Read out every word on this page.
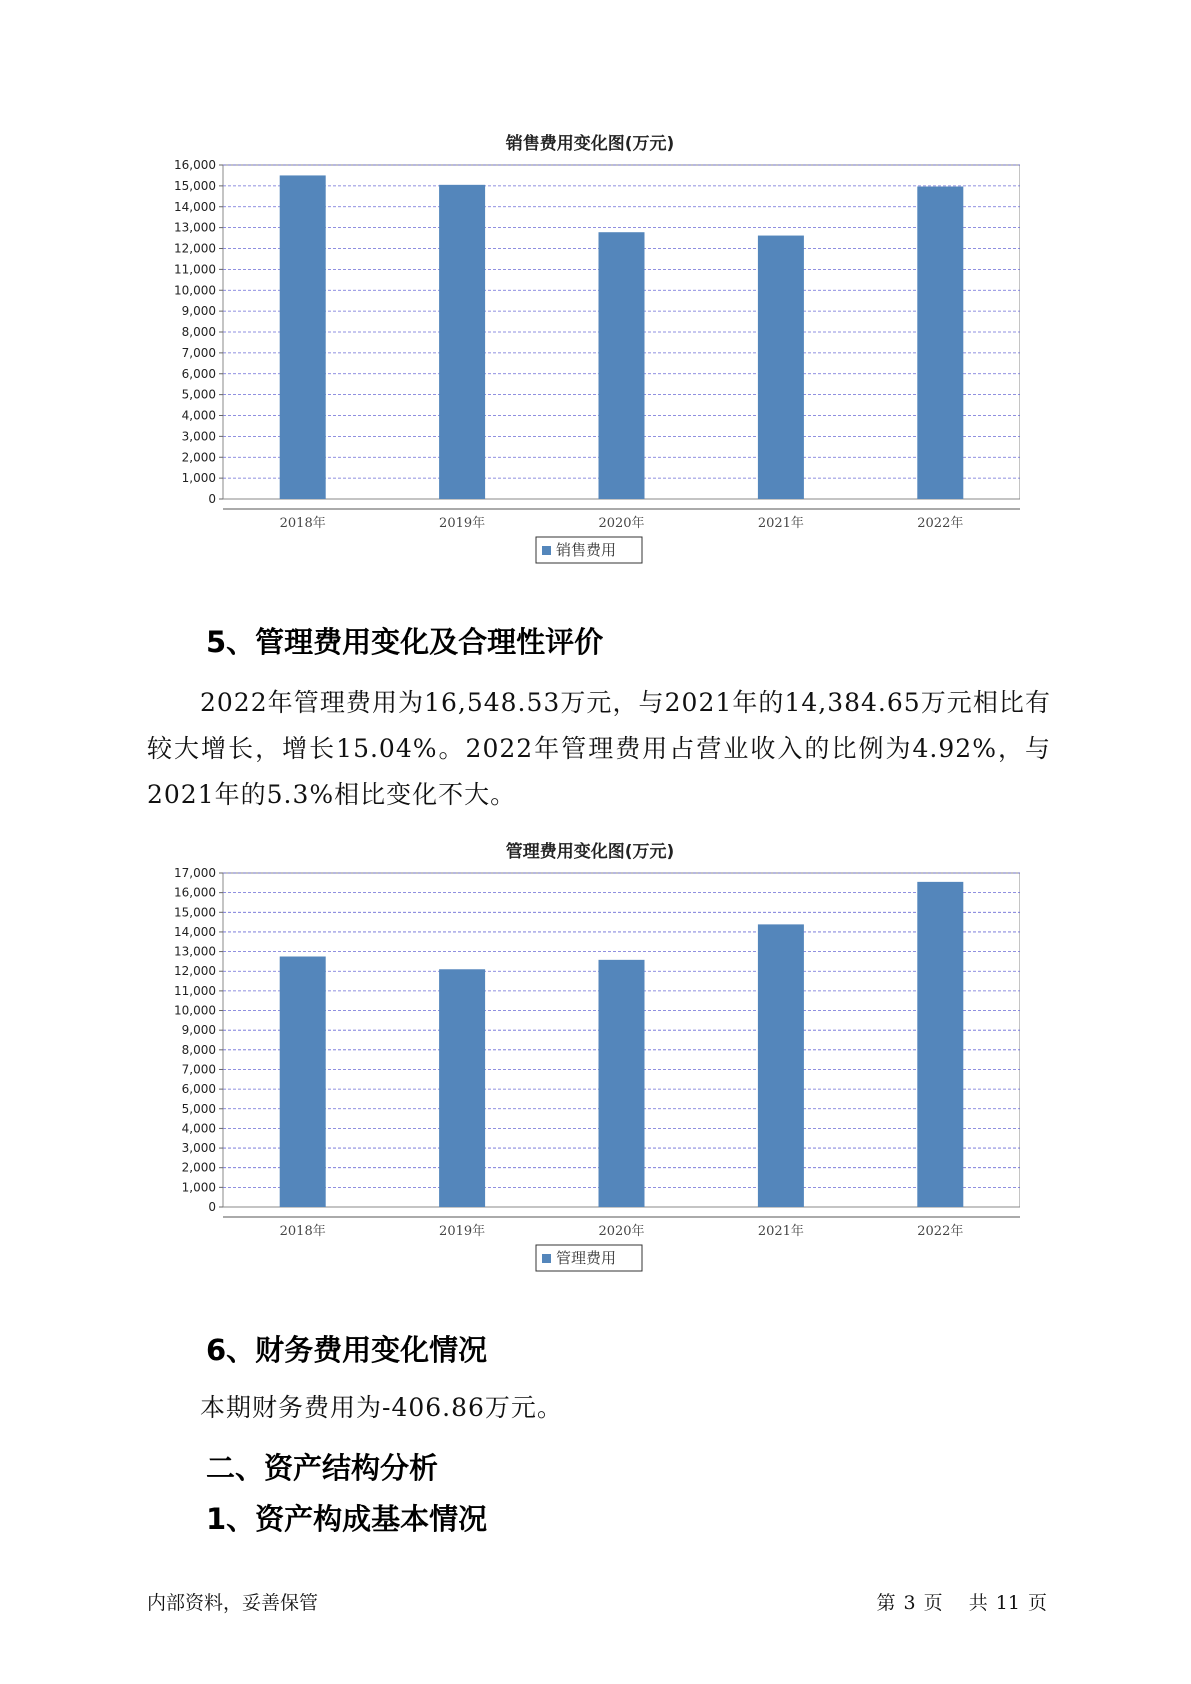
销售费用变化图(万元)
0
1,000
2,000
3,000
4,000
5,000
6,000
7,000
8,000
9,000
10,000
11,000
12,000
13,000
14,000
15,000
16,000
2018年	2019年	2020年	2021年	2022年
销售费用
5、管理费用变化及合理性评价

2022年管理费用为16,548.53万元，与2021年的14,384.65万元相比有较大增长，增长15.04%。2022年管理费用占营业收入的比例为4.92%，与2021年的5.3%相比变化不大。

管理费用变化图(万元)
0
1,000
2,000
3,000
4,000
5,000
6,000
7,000
8,000
9,000
10,000
11,000
12,000
13,000
14,000
15,000
16,000
17,000
2018年	2019年	2020年	2021年	2022年
管理费用
6、财务费用变化情况

本期财务费用为-406.86万元。

二、资产结构分析
1、资产构成基本情况
内部资料，妥善保管	第 3 页 共 11 页
